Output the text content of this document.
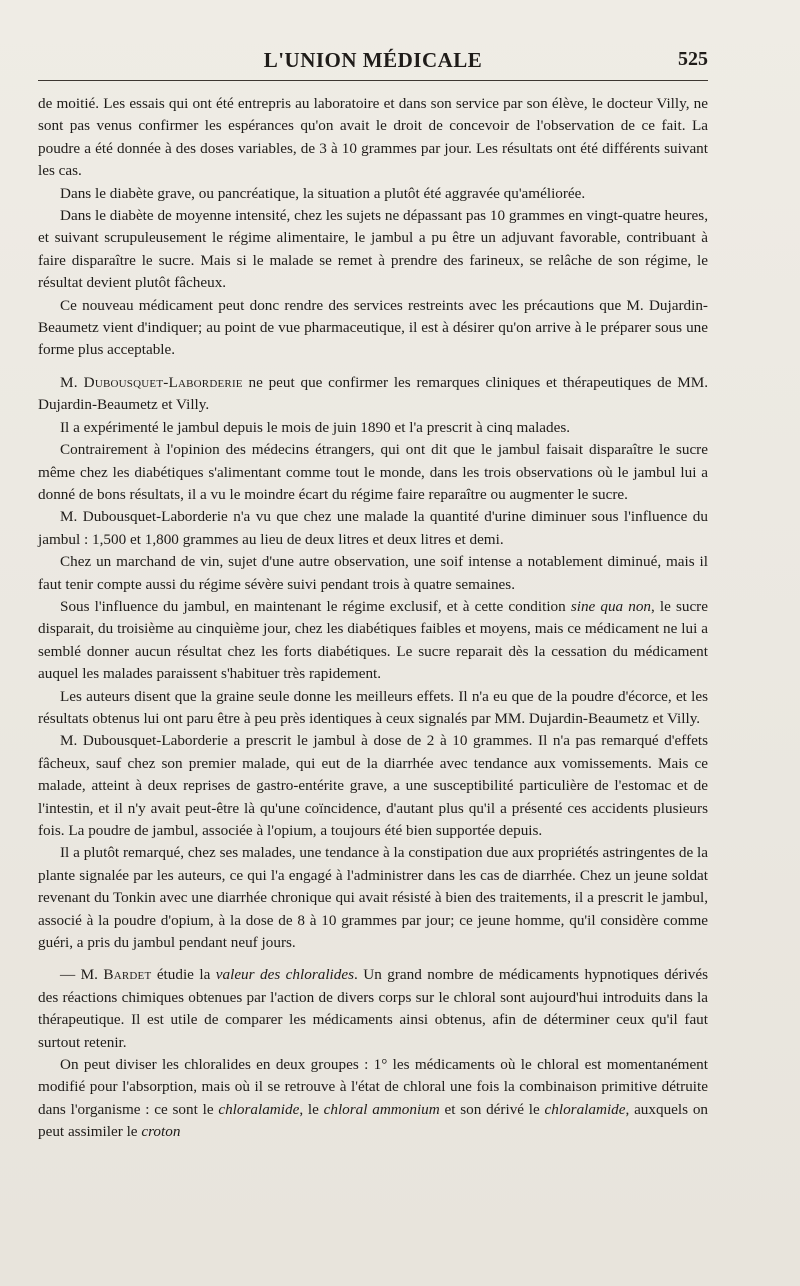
L'UNION MÉDICALE	525

de moitié. Les essais qui ont été entrepris au laboratoire et dans son service par son élève, le docteur Villy, ne sont pas venus confirmer les espérances qu'on avait le droit de concevoir de l'observation de ce fait. La poudre a été donnée à des doses variables, de 3 à 10 grammes par jour. Les résultats ont été différents suivant les cas.

Dans le diabète grave, ou pancréatique, la situation a plutôt été aggravée qu'améliorée.

Dans le diabète de moyenne intensité, chez les sujets ne dépassant pas 10 grammes en vingt-quatre heures, et suivant scrupuleusement le régime alimentaire, le jambul a pu être un adjuvant favorable, contribuant à faire disparaître le sucre. Mais si le malade se remet à prendre des farineux, se relâche de son régime, le résultat devient plutôt fâcheux.

Ce nouveau médicament peut donc rendre des services restreints avec les précautions que M. Dujardin-Beaumetz vient d'indiquer; au point de vue pharmaceutique, il est à désirer qu'on arrive à le préparer sous une forme plus acceptable.

M. Dubousquet-Laborderie ne peut que confirmer les remarques cliniques et thérapeutiques de MM. Dujardin-Beaumetz et Villy.

Il a expérimenté le jambul depuis le mois de juin 1890 et l'a prescrit à cinq malades.

Contrairement à l'opinion des médecins étrangers, qui ont dit que le jambul faisait disparaître le sucre même chez les diabétiques s'alimentant comme tout le monde, dans les trois observations où le jambul lui a donné de bons résultats, il a vu le moindre écart du régime faire reparaître ou augmenter le sucre.

M. Dubousquet-Laborderie n'a vu que chez une malade la quantité d'urine diminuer sous l'influence du jambul : 1,500 et 1,800 grammes au lieu de deux litres et deux litres et demi.

Chez un marchand de vin, sujet d'une autre observation, une soif intense a notablement diminué, mais il faut tenir compte aussi du régime sévère suivi pendant trois à quatre semaines.

Sous l'influence du jambul, en maintenant le régime exclusif, et à cette condition sine qua non, le sucre disparait, du troisième au cinquième jour, chez les diabétiques faibles et moyens, mais ce médicament ne lui a semblé donner aucun résultat chez les forts diabétiques. Le sucre reparait dès la cessation du médicament auquel les malades paraissent s'habituer très rapidement.

Les auteurs disent que la graine seule donne les meilleurs effets. Il n'a eu que de la poudre d'écorce, et les résultats obtenus lui ont paru être à peu près identiques à ceux signalés par MM. Dujardin-Beaumetz et Villy.

M. Dubousquet-Laborderie a prescrit le jambul à dose de 2 à 10 grammes. Il n'a pas remarqué d'effets fâcheux, sauf chez son premier malade, qui eut de la diarrhée avec tendance aux vomissements. Mais ce malade, atteint à deux reprises de gastro-entérite grave, a une susceptibilité particulière de l'estomac et de l'intestin, et il n'y avait peut-être là qu'une coïncidence, d'autant plus qu'il a présenté ces accidents plusieurs fois. La poudre de jambul, associée à l'opium, a toujours été bien supportée depuis.

Il a plutôt remarqué, chez ses malades, une tendance à la constipation due aux propriétés astringentes de la plante signalée par les auteurs, ce qui l'a engagé à l'administrer dans les cas de diarrhée. Chez un jeune soldat revenant du Tonkin avec une diarrhée chronique qui avait résisté à bien des traitements, il a prescrit le jambul, associé à la poudre d'opium, à la dose de 8 à 10 grammes par jour; ce jeune homme, qu'il considère comme guéri, a pris du jambul pendant neuf jours.

— M. Bardet étudie la valeur des chloralides. Un grand nombre de médicaments hypnotiques dérivés des réactions chimiques obtenues par l'action de divers corps sur le chloral sont aujourd'hui introduits dans la thérapeutique. Il est utile de comparer les médicaments ainsi obtenus, afin de déterminer ceux qu'il faut surtout retenir.

On peut diviser les chloralides en deux groupes : 1° les médicaments où le chloral est momentanément modifié pour l'absorption, mais où il se retrouve à l'état de chloral une fois la combinaison primitive détruite dans l'organisme : ce sont le chloralamide, le chloral ammonium et son dérivé le chloralamide, auxquels on peut assimiler le croton
